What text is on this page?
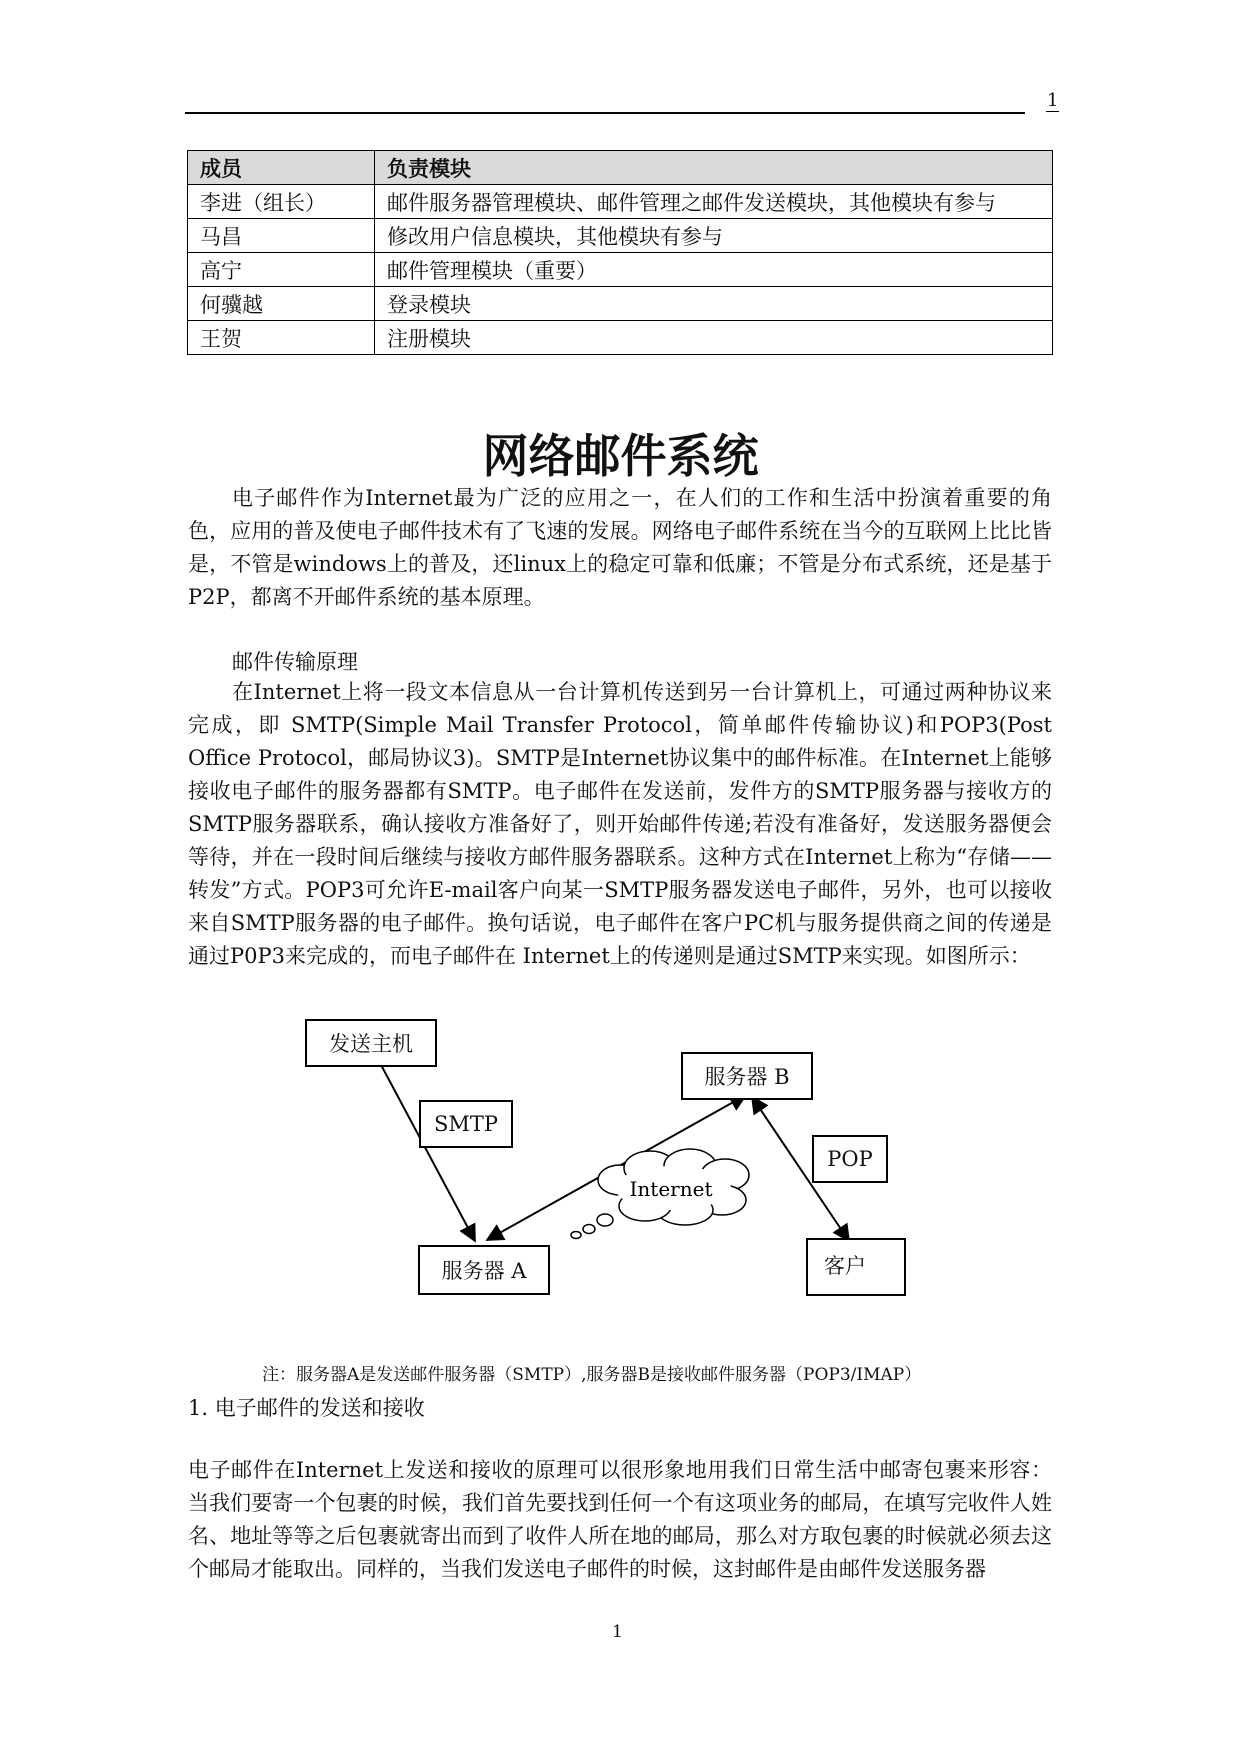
1
成员	负责模块
李进（组长）	邮件服务器管理模块、邮件管理之邮件发送模块，其他模块有参与
马昌	修改用户信息模块，其他模块有参与
高宁	邮件管理模块（重要）
何骥越	登录模块
王贺	注册模块
网络邮件系统

电子邮件作为Internet最为广泛的应用之一，在人们的工作和生活中扮演着重要的角色，应用的普及使电子邮件技术有了飞速的发展。网络电子邮件系统在当今的互联网上比比皆是，不管是windows上的普及，还linux上的稳定可靠和低廉；不管是分布式系统，还是基于P2P，都离不开邮件系统的基本原理。

邮件传输原理

在Internet上将一段文本信息从一台计算机传送到另一台计算机上，可通过两种协议来完成，即 SMTP(Simple Mail Transfer Protocol，简单邮件传输协议)和POP3(Post Office Protocol，邮局协议3)。SMTP是Internet协议集中的邮件标准。在Internet上能够接收电子邮件的服务器都有SMTP。电子邮件在发送前，发件方的SMTP服务器与接收方的SMTP服务器联系，确认接收方准备好了，则开始邮件传递;若没有准备好，发送服务器便会等待，并在一段时间后继续与接收方邮件服务器联系。这种方式在Internet上称为“存储——转发”方式。POP3可允许E-mail客户向某一SMTP服务器发送电子邮件，另外，也可以接收来自SMTP服务器的电子邮件。换句话说，电子邮件在客户PC机与服务提供商之间的传递是通过P0P3来完成的，而电子邮件在 Internet上的传递则是通过SMTP来实现。如图所示：

Internet
发送主机
SMTP
服务器 B
POP
服务器 A	客户
注：服务器A是发送邮件服务器（SMTP）,服务器B是接收邮件服务器（POP3/IMAP）
1. 电子邮件的发送和接收

电子邮件在Internet上发送和接收的原理可以很形象地用我们日常生活中邮寄包裹来形容：当我们要寄一个包裹的时候，我们首先要找到任何一个有这项业务的邮局，在填写完收件人姓名、地址等等之后包裹就寄出而到了收件人所在地的邮局，那么对方取包裹的时候就必须去这个邮局才能取出。同样的，当我们发送电子邮件的时候，这封邮件是由邮件发送服务器

1
